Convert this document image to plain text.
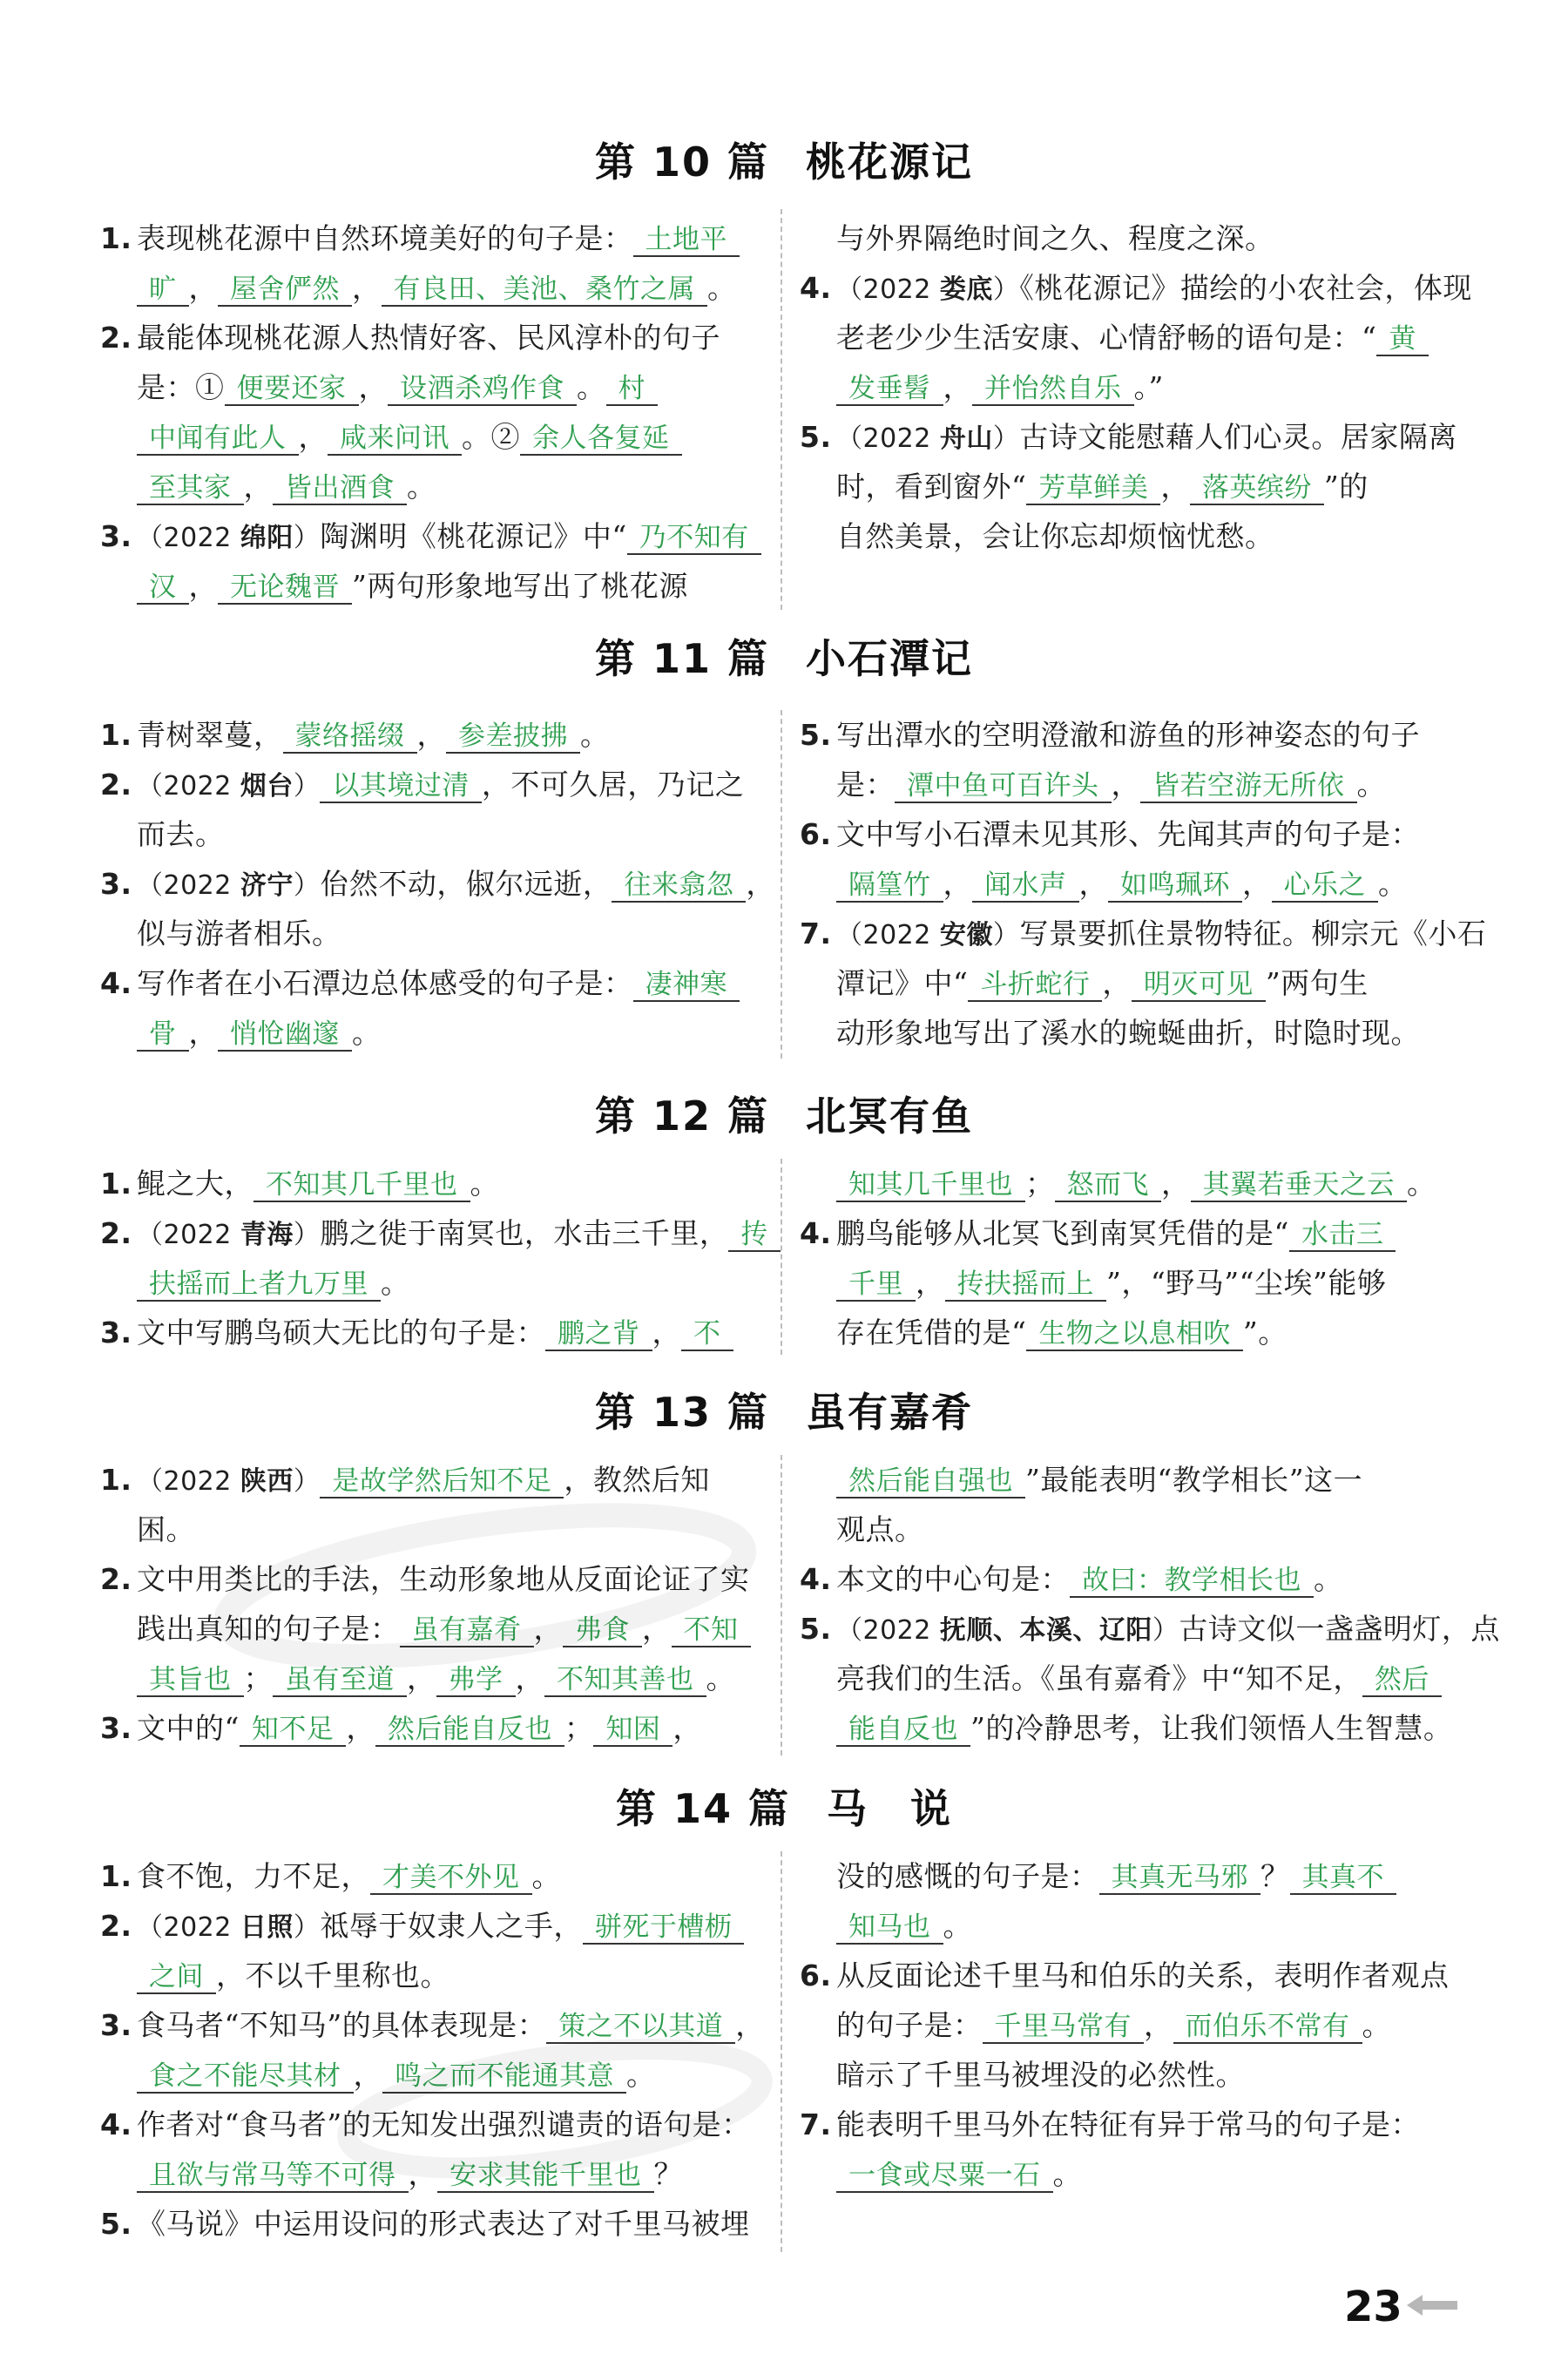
第 10 篇 桃花源记
1. 表现桃花源中自然环境美好的句子是： 土地平
旷 ， 屋舍俨然 ， 有良田、美池、桑竹之属 。
2. 最能体现桃花源人热情好客、民风淳朴的句子
是：① 便要还家 ， 设酒杀鸡作食 。 村
中闻有此人 ， 咸来问讯 。② 余人各复延
至其家 ， 皆出酒食 。
3. （2022 绵阳）陶渊明《桃花源记》中“ 乃不知有
汉 ， 无论魏晋 ”两句形象地写出了桃花源
与外界隔绝时间之久、程度之深。
4. （2022 娄底）《桃花源记》描绘的小农社会，体现
老老少少生活安康、心情舒畅的语句是：“ 黄
发垂髫 ， 并怡然自乐 。”
5. （2022 舟山）古诗文能慰藉人们心灵。居家隔离
时，看到窗外“ 芳草鲜美 ， 落英缤纷 ”的
自然美景，会让你忘却烦恼忧愁。
第 11 篇 小石潭记
1. 青树翠蔓， 蒙络摇缀 ， 参差披拂 。
2. （2022 烟台） 以其境过清 ，不可久居，乃记之
而去。
3. （2022 济宁）佁然不动，俶尔远逝， 往来翕忽 ，
似与游者相乐。
4. 写作者在小石潭边总体感受的句子是： 凄神寒
骨 ， 悄怆幽邃 。
5. 写出潭水的空明澄澈和游鱼的形神姿态的句子
是： 潭中鱼可百许头 ， 皆若空游无所依 。
6. 文中写小石潭未见其形、先闻其声的句子是：
隔篁竹 ， 闻水声 ， 如鸣珮环 ， 心乐之 。
7. （2022 安徽）写景要抓住景物特征。柳宗元《小石
潭记》中“ 斗折蛇行 ， 明灭可见 ”两句生
动形象地写出了溪水的蜿蜒曲折，时隐时现。
第 12 篇 北冥有鱼
1. 鲲之大， 不知其几千里也 。
2. （2022 青海）鹏之徙于南冥也，水击三千里， 抟
扶摇而上者九万里 。
3. 文中写鹏鸟硕大无比的句子是： 鹏之背 ， 不
知其几千里也 ； 怒而飞 ， 其翼若垂天之云 。
4. 鹏鸟能够从北冥飞到南冥凭借的是“ 水击三
千里 ， 抟扶摇而上 ”，“野马”“尘埃”能够
存在凭借的是“ 生物之以息相吹 ”。
第 13 篇 虽有嘉肴
1. （2022 陕西） 是故学然后知不足 ，教然后知
困。
2. 文中用类比的手法，生动形象地从反面论证了实
践出真知的句子是： 虽有嘉肴 ， 弗食 ， 不知
其旨也 ； 虽有至道 ， 弗学 ， 不知其善也 。
3. 文中的“ 知不足 ， 然后能自反也 ； 知困 ，
然后能自强也 ”最能表明“教学相长”这一
观点。
4. 本文的中心句是： 故曰：教学相长也 。
5. （2022 抚顺、本溪、辽阳）古诗文似一盏盏明灯，点
亮我们的生活。《虽有嘉肴》中“知不足， 然后
能自反也 ”的冷静思考，让我们领悟人生智慧。
第 14 篇 马　说
1. 食不饱，力不足， 才美不外见 。
2. （2022 日照）祗辱于奴隶人之手， 骈死于槽枥
之间 ，不以千里称也。
3. 食马者“不知马”的具体表现是： 策之不以其道 ，
食之不能尽其材 ， 鸣之而不能通其意 。
4. 作者对“食马者”的无知发出强烈谴责的语句是：
且欲与常马等不可得 ， 安求其能千里也 ？
5. 《马说》中运用设问的形式表达了对千里马被埋
没的感慨的句子是： 其真无马邪 ？ 其真不
知马也 。
6. 从反面论述千里马和伯乐的关系，表明作者观点
的句子是： 千里马常有 ， 而伯乐不常有 。
暗示了千里马被埋没的必然性。
7. 能表明千里马外在特征有异于常马的句子是：
一食或尽粟一石 。
23
